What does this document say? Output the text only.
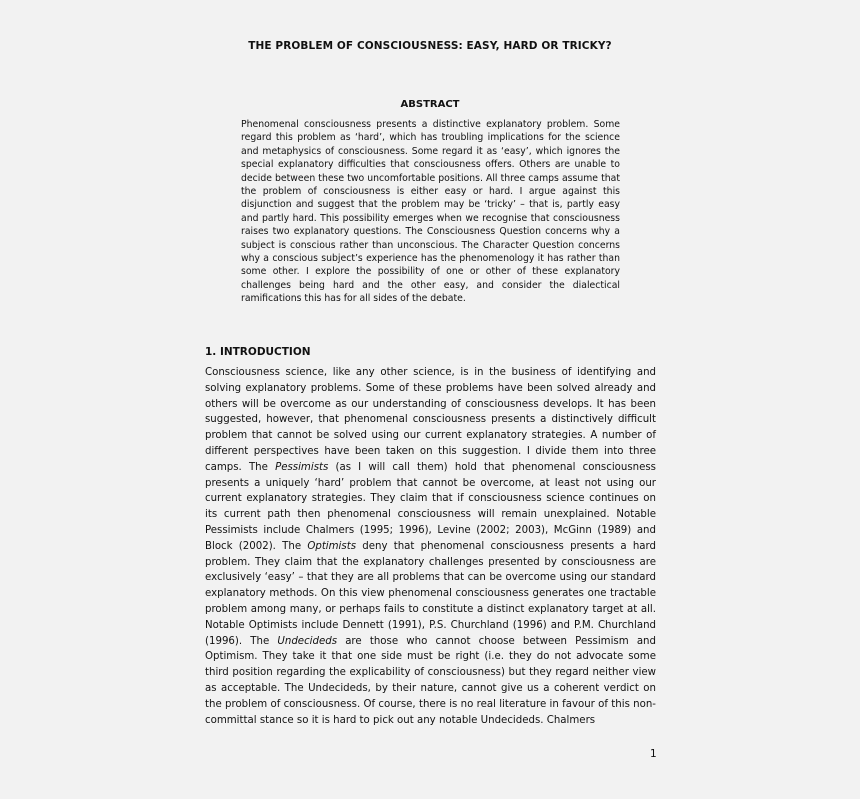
THE PROBLEM OF CONSCIOUSNESS: EASY, HARD OR TRICKY?
ABSTRACT
Phenomenal consciousness presents a distinctive explanatory problem. Some regard this problem as ‘hard’, which has troubling implications for the science and metaphysics of consciousness. Some regard it as ‘easy’, which ignores the special explanatory difficulties that consciousness offers. Others are unable to decide between these two uncomfortable positions. All three camps assume that the problem of consciousness is either easy or hard. I argue against this disjunction and suggest that the problem may be ‘tricky’ – that is, partly easy and partly hard. This possibility emerges when we recognise that consciousness raises two explanatory questions. The Consciousness Question concerns why a subject is conscious rather than unconscious. The Character Question concerns why a conscious subject’s experience has the phenomenology it has rather than some other. I explore the possibility of one or other of these explanatory challenges being hard and the other easy, and consider the dialectical ramifications this has for all sides of the debate.
1. INTRODUCTION
Consciousness science, like any other science, is in the business of identifying and solving explanatory problems. Some of these problems have been solved already and others will be overcome as our understanding of consciousness develops. It has been suggested, however, that phenomenal consciousness presents a distinctively difficult problem that cannot be solved using our current explanatory strategies. A number of different perspectives have been taken on this suggestion. I divide them into three camps. The Pessimists (as I will call them) hold that phenomenal consciousness presents a uniquely ‘hard’ problem that cannot be overcome, at least not using our current explanatory strategies. They claim that if consciousness science continues on its current path then phenomenal consciousness will remain unexplained. Notable Pessimists include Chalmers (1995; 1996), Levine (2002; 2003), McGinn (1989) and Block (2002). The Optimists deny that phenomenal consciousness presents a hard problem. They claim that the explanatory challenges presented by consciousness are exclusively ‘easy’ – that they are all problems that can be overcome using our standard explanatory methods. On this view phenomenal consciousness generates one tractable problem among many, or perhaps fails to constitute a distinct explanatory target at all. Notable Optimists include Dennett (1991), P.S. Churchland (1996) and P.M. Churchland (1996). The Undecideds are those who cannot choose between Pessimism and Optimism. They take it that one side must be right (i.e. they do not advocate some third position regarding the explicability of consciousness) but they regard neither view as acceptable. The Undecideds, by their nature, cannot give us a coherent verdict on the problem of consciousness. Of course, there is no real literature in favour of this non-committal stance so it is hard to pick out any notable Undecideds. Chalmers
1
